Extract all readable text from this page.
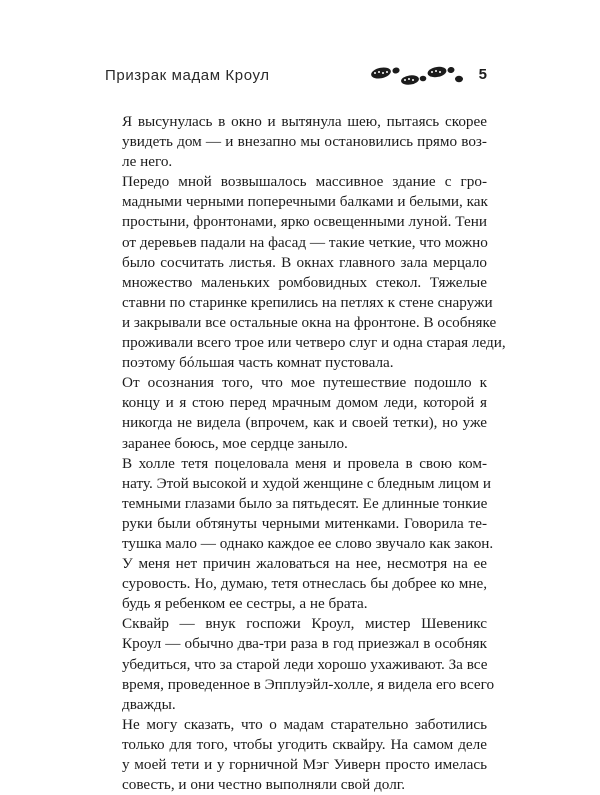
Призрак мадам Кроул	5

Я высунулась в окно и вытянула шею, пытаясь скорее
увидеть дом — и внезапно мы остановились прямо воз-
ле него.

Передо мной возвышалось массивное здание с гро-
мадными черными поперечными балками и белыми, как
простыни, фронтонами, ярко освещенными луной. Тени
от деревьев падали на фасад — такие четкие, что можно
было сосчитать листья. В окнах главного зала мерцало
множество маленьких ромбовидных стекол. Тяжелые
ставни по старинке крепились на петлях к стене снаружи
и закрывали все остальные окна на фронтоне. В особняке
проживали всего трое или четверо слуг и одна старая леди,
поэтому бóльшая часть комнат пустовала.

От осознания того, что мое путешествие подошло к
концу и я стою перед мрачным домом леди, которой я
никогда не видела (впрочем, как и своей тетки), но уже
заранее боюсь, мое сердце заныло.

В холле тетя поцеловала меня и провела в свою ком-
нату. Этой высокой и худой женщине с бледным лицом и
темными глазами было за пятьдесят. Ее длинные тонкие
руки были обтянуты черными митенками. Говорила те-
тушка мало — однако каждое ее слово звучало как закон.
У меня нет причин жаловаться на нее, несмотря на ее
суровость. Но, думаю, тетя отнеслась бы добрее ко мне,
будь я ребенком ее сестры, а не брата.

Сквайр — внук госпожи Кроул, мистер Шевеникс
Кроул — обычно два-три раза в год приезжал в особняк
убедиться, что за старой леди хорошо ухаживают. За все
время, проведенное в Эпплуэйл-холле, я видела его всего
дважды.

Не могу сказать, что о мадам старательно заботились
только для того, чтобы угодить сквайру. На самом деле
у моей тети и у горничной Мэг Уиверн просто имелась
совесть, и они честно выполняли свой долг.
